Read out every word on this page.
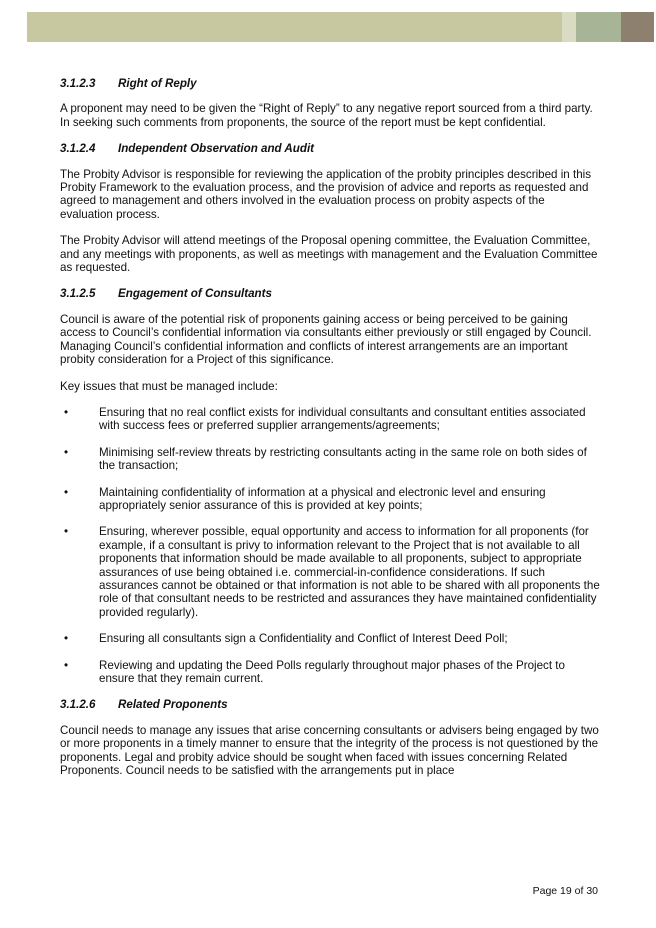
3.1.2.3 Right of Reply

A proponent may need to be given the “Right of Reply” to any negative report sourced from a third party. In seeking such comments from proponents, the source of the report must be kept confidential.

3.1.2.4 Independent Observation and Audit

The Probity Advisor is responsible for reviewing the application of the probity principles described in this Probity Framework to the evaluation process, and the provision of advice and reports as requested and agreed to management and others involved in the evaluation process on probity aspects of the evaluation process.

The Probity Advisor will attend meetings of the Proposal opening committee, the Evaluation Committee, and any meetings with proponents, as well as meetings with management and the Evaluation Committee as requested.

3.1.2.5 Engagement of Consultants

Council is aware of the potential risk of proponents gaining access or being perceived to be gaining access to Council’s confidential information via consultants either previously or still engaged by Council. Managing Council’s confidential information and conflicts of interest arrangements are an important probity consideration for a Project of this significance.

Key issues that must be managed include:

•	Ensuring that no real conflict exists for individual consultants and consultant entities associated with success fees or preferred supplier arrangements/agreements;
•	Minimising self-review threats by restricting consultants acting in the same role on both sides of the transaction;
•	Maintaining confidentiality of information at a physical and electronic level and ensuring appropriately senior assurance of this is provided at key points;
•	Ensuring, wherever possible, equal opportunity and access to information for all proponents (for example, if a consultant is privy to information relevant to the Project that is not available to all proponents that information should be made available to all proponents, subject to appropriate assurances of use being obtained i.e. commercial-in-confidence considerations. If such assurances cannot be obtained or that information is not able to be shared with all proponents the role of that consultant needs to be restricted and assurances they have maintained confidentiality provided regularly).
•	Ensuring all consultants sign a Confidentiality and Conflict of Interest Deed Poll;
•	Reviewing and updating the Deed Polls regularly throughout major phases of the Project to ensure that they remain current.
3.1.2.6 Related Proponents

Council needs to manage any issues that arise concerning consultants or advisers being engaged by two or more proponents in a timely manner to ensure that the integrity of the process is not questioned by the proponents. Legal and probity advice should be sought when faced with issues concerning Related Proponents. Council needs to be satisfied with the arrangements put in place

Page 19 of 30
